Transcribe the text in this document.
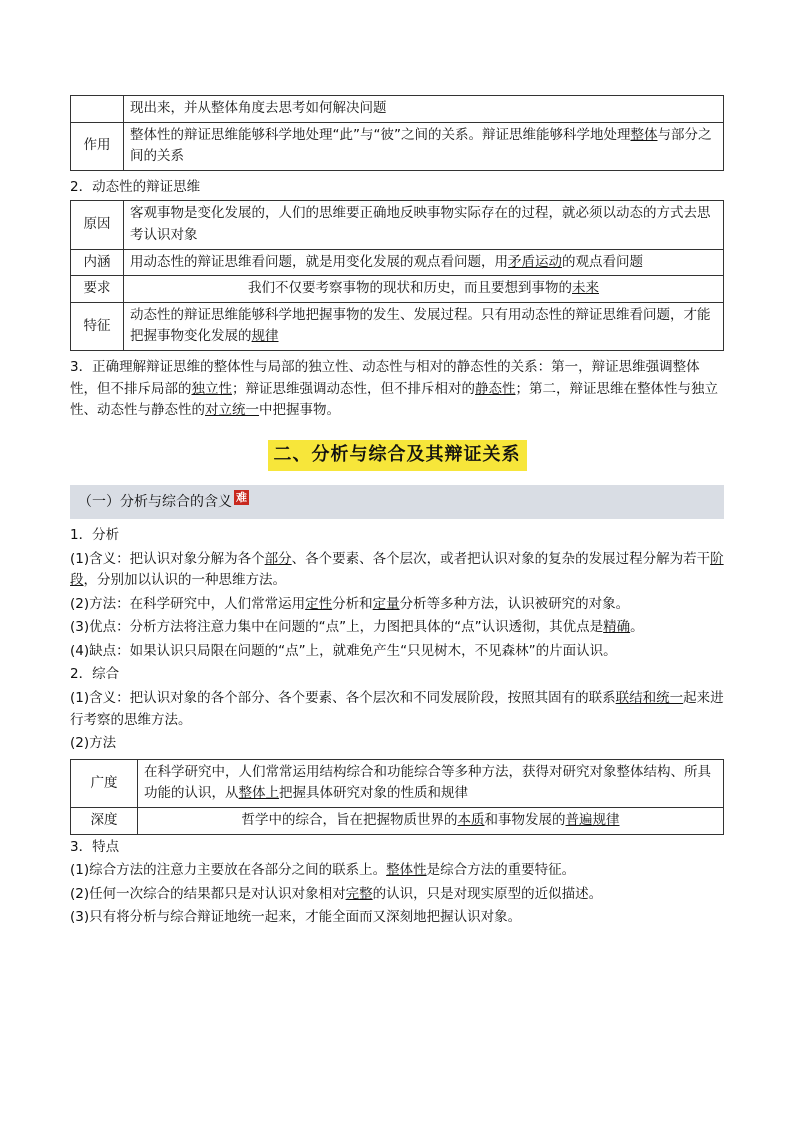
	现出来，并从整体角度去思考如何解决问题
作用	整体性的辩证思维能够科学地处理“此”与“彼”之间的关系。辩证思维能够科学地处理整体与部分之间的关系

2．动态性的辩证思维

原因	客观事物是变化发展的，人们的思维要正确地反映事物实际存在的过程，就必须以动态的方式去思考认识对象
内涵	用动态性的辩证思维看问题，就是用变化发展的观点看问题，用矛盾运动的观点看问题
要求	我们不仅要考察事物的现状和历史，而且要想到事物的未来
特征	动态性的辩证思维能够科学地把握事物的发生、发展过程。只有用动态性的辩证思维看问题，才能把握事物变化发展的规律

3．正确理解辩证思维的整体性与局部的独立性、动态性与相对的静态性的关系：第一，辩证思维强调整体性，但不排斥局部的独立性；辩证思维强调动态性，但不排斥相对的静态性；第二，辩证思维在整体性与独立性、动态性与静态性的对立统一中把握事物。

二、分析与综合及其辩证关系
（一）分析与综合的含义 难

1．分析

(1)含义：把认识对象分解为各个部分、各个要素、各个层次，或者把认识对象的复杂的发展过程分解为若干阶段，分别加以认识的一种思维方法。

(2)方法：在科学研究中，人们常常运用定性分析和定量分析等多种方法，认识被研究的对象。

(3)优点：分析方法将注意力集中在问题的“点”上，力图把具体的“点”认识透彻，其优点是精确。

(4)缺点：如果认识只局限在问题的“点”上，就难免产生“只见树木，不见森林”的片面认识。

2．综合

(1)含义：把认识对象的各个部分、各个要素、各个层次和不同发展阶段，按照其固有的联系联结和统一起来进行考察的思维方法。

(2)方法

广度	在科学研究中，人们常常运用结构综合和功能综合等多种方法，获得对研究对象整体结构、所具功能的认识，从整体上把握具体研究对象的性质和规律
深度	哲学中的综合，旨在把握物质世界的本质和事物发展的普遍规律

3．特点

(1)综合方法的注意力主要放在各部分之间的联系上。整体性是综合方法的重要特征。

(2)任何一次综合的结果都只是对认识对象相对完整的认识，只是对现实原型的近似描述。

(3)只有将分析与综合辩证地统一起来，才能全面而又深刻地把握认识对象。
